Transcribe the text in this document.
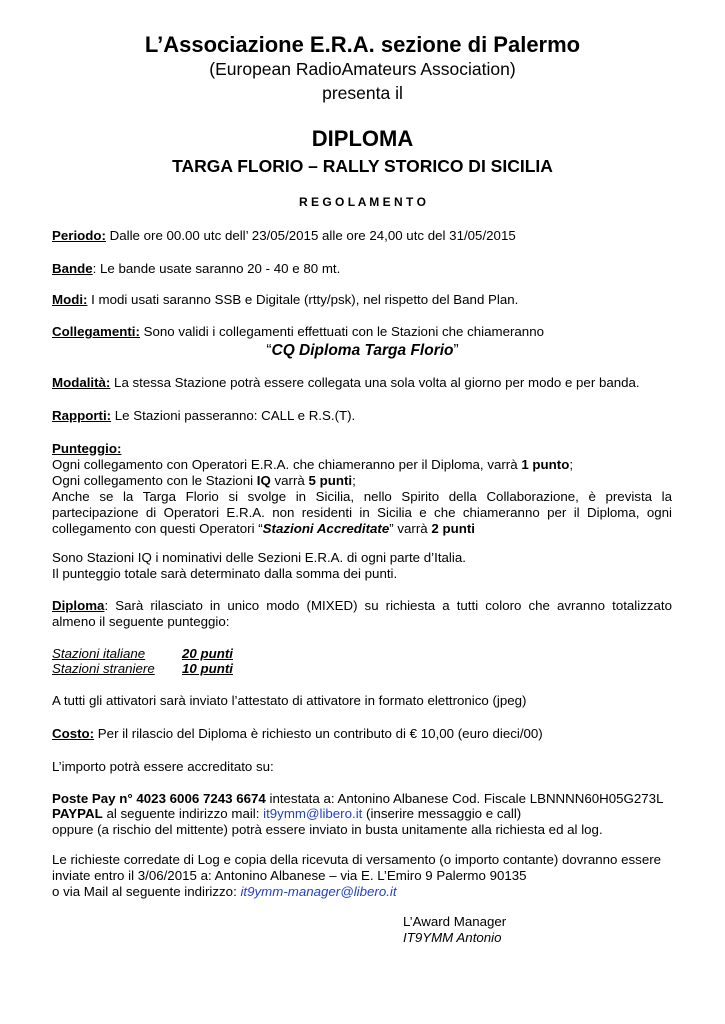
L’Associazione E.R.A. sezione di Palermo
(European RadioAmateurs Association)
presenta il
DIPLOMA
TARGA FLORIO – RALLY STORICO DI SICILIA
R E G O L A M E N T O
Periodo: Dalle ore 00.00 utc dell’ 23/05/2015 alle ore 24,00 utc del 31/05/2015
Bande: Le bande usate saranno 20 - 40 e 80 mt.
Modi: I modi usati saranno SSB e Digitale (rtty/psk), nel rispetto del Band Plan.
Collegamenti: Sono validi i collegamenti effettuati con le Stazioni che chiameranno
“CQ Diploma Targa Florio”
Modalità: La stessa Stazione potrà essere collegata una sola volta al giorno per modo e per banda.
Rapporti: Le Stazioni passeranno: CALL e R.S.(T).
Punteggio:
Ogni collegamento con Operatori E.R.A. che chiameranno per il Diploma, varrà 1 punto;
Ogni collegamento con le Stazioni IQ varrà 5 punti;
Anche se la Targa Florio si svolge in Sicilia, nello Spirito della Collaborazione, è prevista la
partecipazione di Operatori E.R.A. non residenti in Sicilia e che chiameranno per il Diploma, ogni
collegamento con questi Operatori “Stazioni Accreditate” varrà 2 punti
Sono Stazioni IQ i nominativi delle Sezioni E.R.A. di ogni parte d’Italia.
Il punteggio totale sarà determinato dalla somma dei punti.
Diploma: Sarà rilasciato in unico modo (MIXED) su richiesta a tutti coloro che avranno totalizzato
almeno il seguente punteggio:
Stazioni italiane	20 punti
Stazioni straniere 10 punti
A tutti gli attivatori sarà inviato l’attestato di attivatore in formato elettronico (jpeg)
Costo: Per il rilascio del Diploma è richiesto un contributo di € 10,00 (euro dieci/00)
L’importo potrà essere accreditato su:
Poste Pay n° 4023 6006 7243 6674 intestata a: Antonino Albanese Cod. Fiscale LBNNNN60H05G273L
PAYPAL al seguente indirizzo mail: it9ymm@libero.it (inserire messaggio e call)
oppure (a rischio del mittente) potrà essere inviato in busta unitamente alla richiesta ed al log.
Le richieste corredate di Log e copia della ricevuta di versamento (o importo contante) dovranno essere
inviate entro il 3/06/2015 a: Antonino Albanese – via E. L’Emiro 9 Palermo 90135
o via Mail al seguente indirizzo: it9ymm-manager@libero.it
L’Award Manager
IT9YMM Antonio
